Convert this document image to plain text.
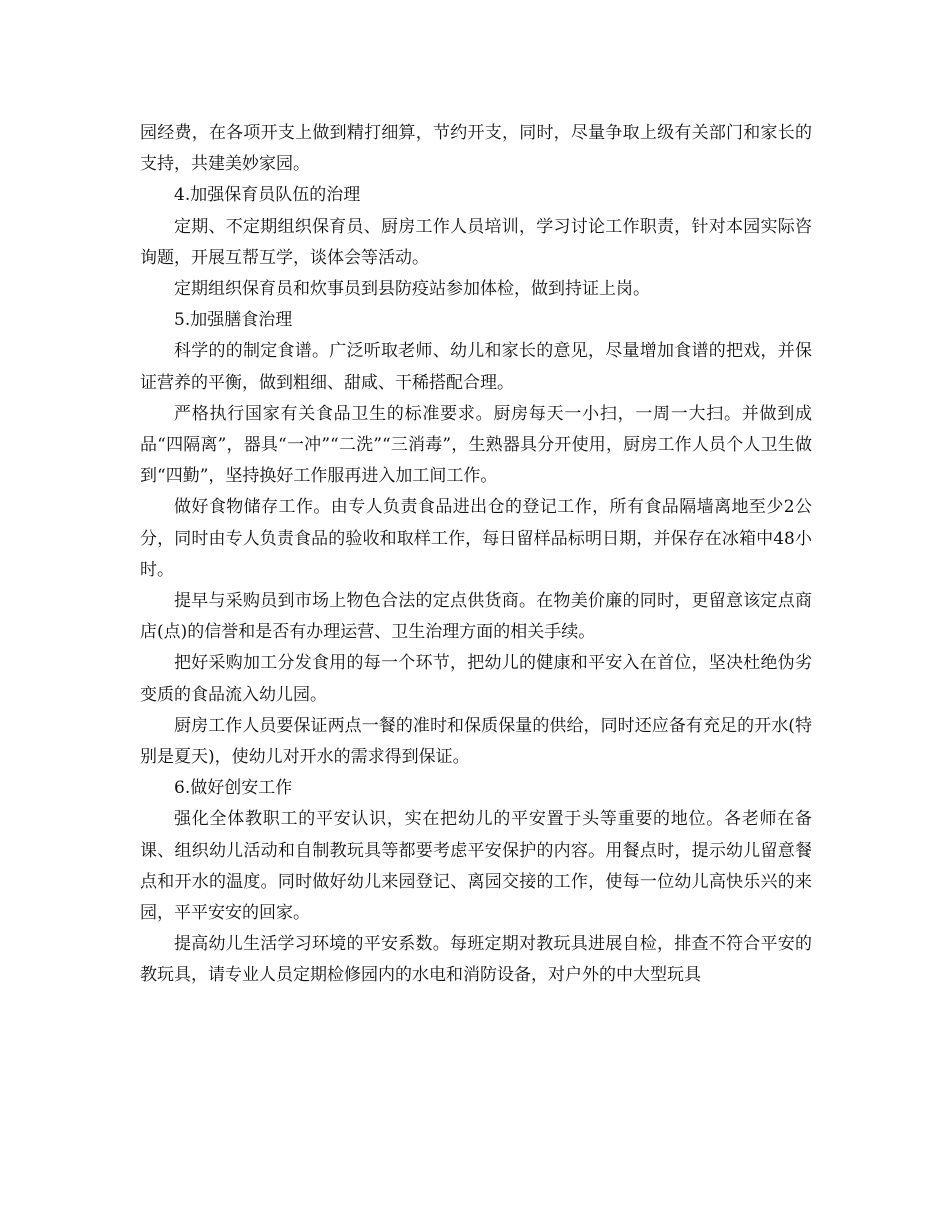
园经费，在各项开支上做到精打细算，节约开支，同时，尽量争取上级有关部门和家长的支持，共建美妙家园。

4.加强保育员队伍的治理

定期、不定期组织保育员、厨房工作人员培训，学习讨论工作职责，针对本园实际咨询题，开展互帮互学，谈体会等活动。

定期组织保育员和炊事员到县防疫站参加体检，做到持证上岗。

5.加强膳食治理

科学的的制定食谱。广泛听取老师、幼儿和家长的意见，尽量增加食谱的把戏，并保证营养的平衡，做到粗细、甜咸、干稀搭配合理。

严格执行国家有关食品卫生的标准要求。厨房每天一小扫，一周一大扫。并做到成品“四隔离”，器具“一冲”“二洗”“三消毒”，生熟器具分开使用，厨房工作人员个人卫生做到“四勤”，坚持换好工作服再进入加工间工作。

做好食物储存工作。由专人负责食品进出仓的登记工作，所有食品隔墙离地至少2公分，同时由专人负责食品的验收和取样工作，每日留样品标明日期，并保存在冰箱中48小时。

提早与采购员到市场上物色合法的定点供货商。在物美价廉的同时，更留意该定点商店(点)的信誉和是否有办理运营、卫生治理方面的相关手续。

把好采购加工分发食用的每一个环节，把幼儿的健康和平安入在首位，坚决杜绝伪劣变质的食品流入幼儿园。

厨房工作人员要保证两点一餐的准时和保质保量的供给，同时还应备有充足的开水(特别是夏天)，使幼儿对开水的需求得到保证。

6.做好创安工作

强化全体教职工的平安认识，实在把幼儿的平安置于头等重要的地位。各老师在备课、组织幼儿活动和自制教玩具等都要考虑平安保护的内容。用餐点时，提示幼儿留意餐点和开水的温度。同时做好幼儿来园登记、离园交接的工作，使每一位幼儿高快乐兴的来园，平平安安的回家。

提高幼儿生活学习环境的平安系数。每班定期对教玩具进展自检，排查不符合平安的教玩具，请专业人员定期检修园内的水电和消防设备，对户外的中大型玩具
